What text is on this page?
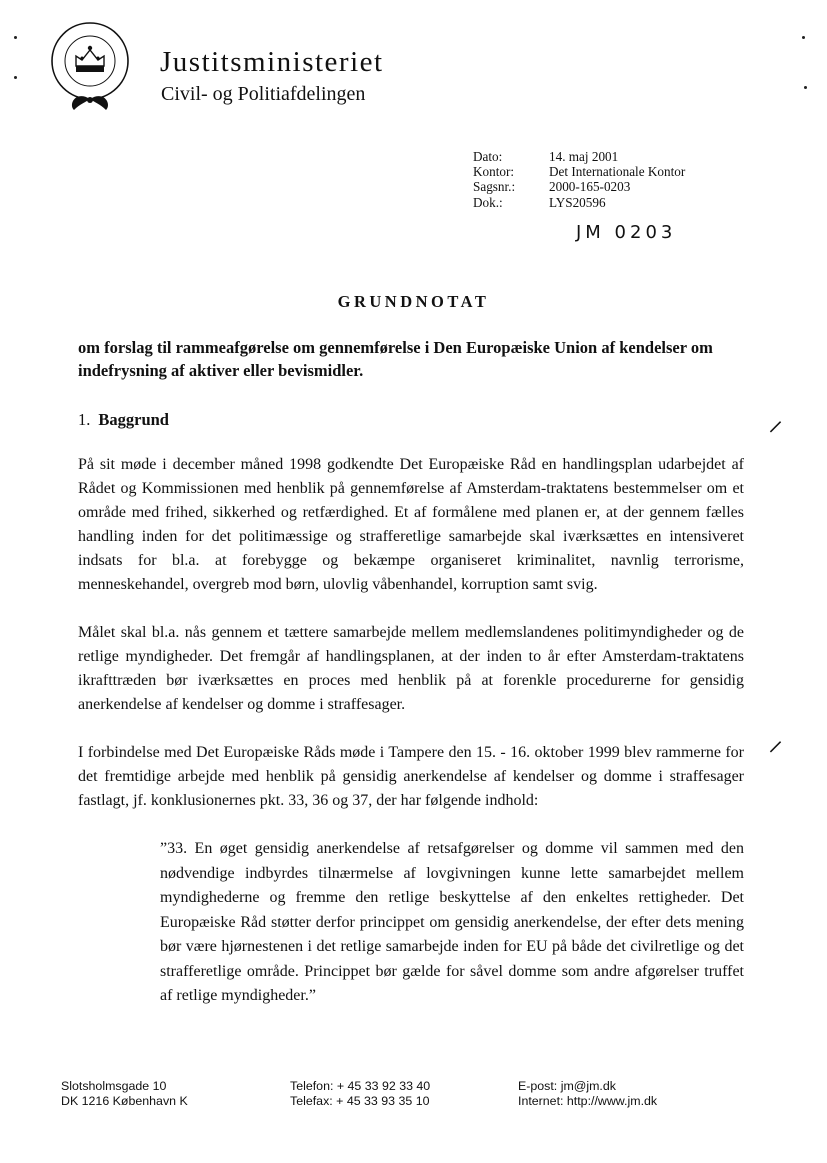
Justitsministeriet
Civil- og Politiafdelingen
Dato:	14. maj 2001
Kontor:	Det Internationale Kontor
Sagsnr.:	2000-165-0203
Dok.:	LYS20596
JM 0203
GRUNDNOTAT
om forslag til rammeafgørelse om gennemførelse i Den Europæiske Union af kendelser om indefrysning af aktiver eller bevismidler.
1. Baggrund
På sit møde i december måned 1998 godkendte Det Europæiske Råd en handlingsplan udarbejdet af Rådet og Kommissionen med henblik på gennemførelse af Amsterdam-traktatens bestemmelser om et område med frihed, sikkerhed og retfærdighed. Et af formålene med planen er, at der gennem fælles handling inden for det politimæssige og strafferetlige samarbejde skal iværksættes en intensiveret indsats for bl.a. at forebygge og bekæmpe organiseret kriminalitet, navnlig terrorisme, menneskehandel, overgreb mod børn, ulovlig våbenhandel, korruption samt svig.
Målet skal bl.a. nås gennem et tættere samarbejde mellem medlemslandenes politimyndigheder og de retlige myndigheder. Det fremgår af handlingsplanen, at der inden to år efter Amsterdam-traktatens ikrafttræden bør iværksættes en proces med henblik på at forenkle procedurerne for gensidig anerkendelse af kendelser og domme i straffesager.
I forbindelse med Det Europæiske Råds møde i Tampere den 15. - 16. oktober 1999 blev rammerne for det fremtidige arbejde med henblik på gensidig anerkendelse af kendelser og domme i straffesager fastlagt, jf. konklusionernes pkt. 33, 36 og 37, der har følgende indhold:
”33. En øget gensidig anerkendelse af retsafgørelser og domme vil sammen med den nødvendige indbyrdes tilnærmelse af lovgivningen kunne lette samarbejdet mellem myndighederne og fremme den retlige beskyttelse af den enkeltes rettigheder. Det Europæiske Råd støtter derfor princippet om gensidig anerkendelse, der efter dets mening bør være hjørnestenen i det retlige samarbejde inden for EU på både det civilretlige og det strafferetlige område. Princippet bør gælde for såvel domme som andre afgørelser truffet af retlige myndigheder.”
Slotsholmsgade 10
DK 1216 København K
Telefon: + 45 33 92 33 40
Telefax: + 45 33 93 35 10
E-post: jm@jm.dk
Internet: http://www.jm.dk
⸝
⸝
